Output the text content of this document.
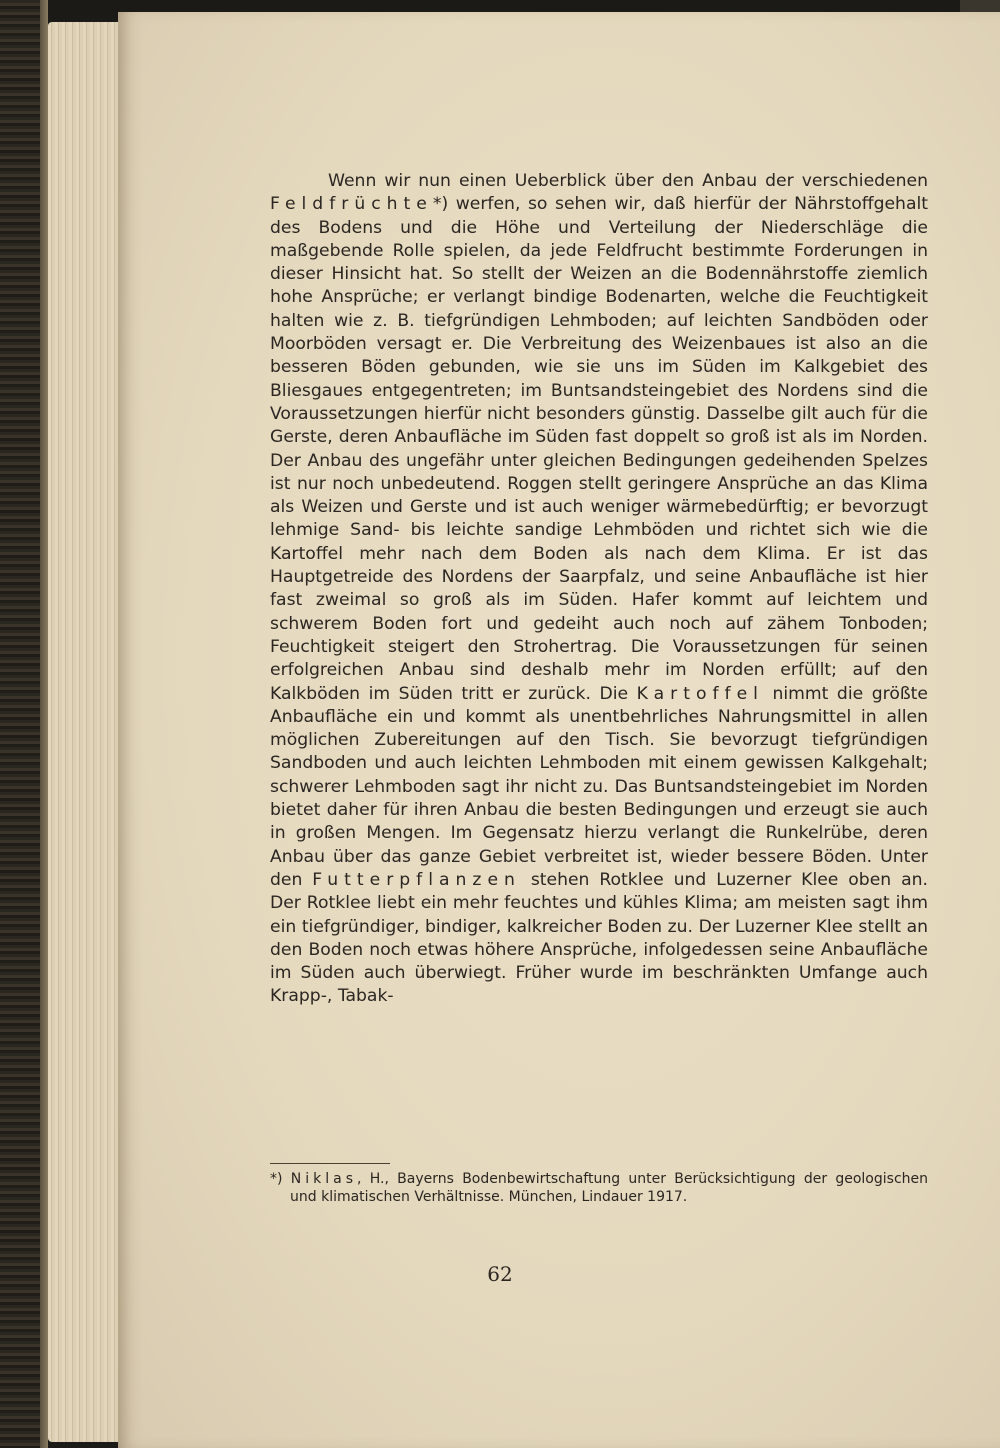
Wenn wir nun einen Ueberblick über den Anbau der verschiedenen Feldfrüchte*) werfen, so sehen wir, daß hierfür der Nährstoffgehalt des Bodens und die Höhe und Verteilung der Niederschläge die maßgebende Rolle spielen, da jede Feldfrucht bestimmte Forderungen in dieser Hinsicht hat. So stellt der Weizen an die Bodennährstoffe ziemlich hohe Ansprüche; er verlangt bindige Bodenarten, welche die Feuchtigkeit halten wie z. B. tiefgründigen Lehmboden; auf leichten Sandböden oder Moorböden versagt er. Die Verbreitung des Weizenbaues ist also an die besseren Böden gebunden, wie sie uns im Süden im Kalkgebiet des Bliesgaues entgegentreten; im Buntsandsteingebiet des Nordens sind die Voraussetzungen hierfür nicht besonders günstig. Dasselbe gilt auch für die Gerste, deren Anbaufläche im Süden fast doppelt so groß ist als im Norden. Der Anbau des ungefähr unter gleichen Bedingungen gedeihenden Spelzes ist nur noch unbedeutend. Roggen stellt geringere Ansprüche an das Klima als Weizen und Gerste und ist auch weniger wärmebedürftig; er bevorzugt lehmige Sand- bis leichte sandige Lehmböden und richtet sich wie die Kartoffel mehr nach dem Boden als nach dem Klima. Er ist das Hauptgetreide des Nordens der Saarpfalz, und seine Anbaufläche ist hier fast zweimal so groß als im Süden. Hafer kommt auf leichtem und schwerem Boden fort und gedeiht auch noch auf zähem Tonboden; Feuchtigkeit steigert den Strohertrag. Die Voraussetzungen für seinen erfolgreichen Anbau sind deshalb mehr im Norden erfüllt; auf den Kalkböden im Süden tritt er zurück. Die Kartoffel nimmt die größte Anbaufläche ein und kommt als unentbehrliches Nahrungsmittel in allen möglichen Zubereitungen auf den Tisch. Sie bevorzugt tiefgründigen Sandboden und auch leichten Lehmboden mit einem gewissen Kalkgehalt; schwerer Lehmboden sagt ihr nicht zu. Das Buntsandsteingebiet im Norden bietet daher für ihren Anbau die besten Bedingungen und erzeugt sie auch in großen Mengen. Im Gegensatz hierzu verlangt die Runkelrübe, deren Anbau über das ganze Gebiet verbreitet ist, wieder bessere Böden. Unter den Futterpflanzen stehen Rotklee und Luzerner Klee oben an. Der Rotklee liebt ein mehr feuchtes und kühles Klima; am meisten sagt ihm ein tiefgründiger, bindiger, kalkreicher Boden zu. Der Luzerner Klee stellt an den Boden noch etwas höhere Ansprüche, infolgedessen seine Anbaufläche im Süden auch überwiegt. Früher wurde im beschränkten Umfange auch Krapp-, Tabak-

*) Niklas, H., Bayerns Bodenbewirtschaftung unter Berücksichtigung der geologischen und klimatischen Verhältnisse. München, Lindauer 1917.
62
